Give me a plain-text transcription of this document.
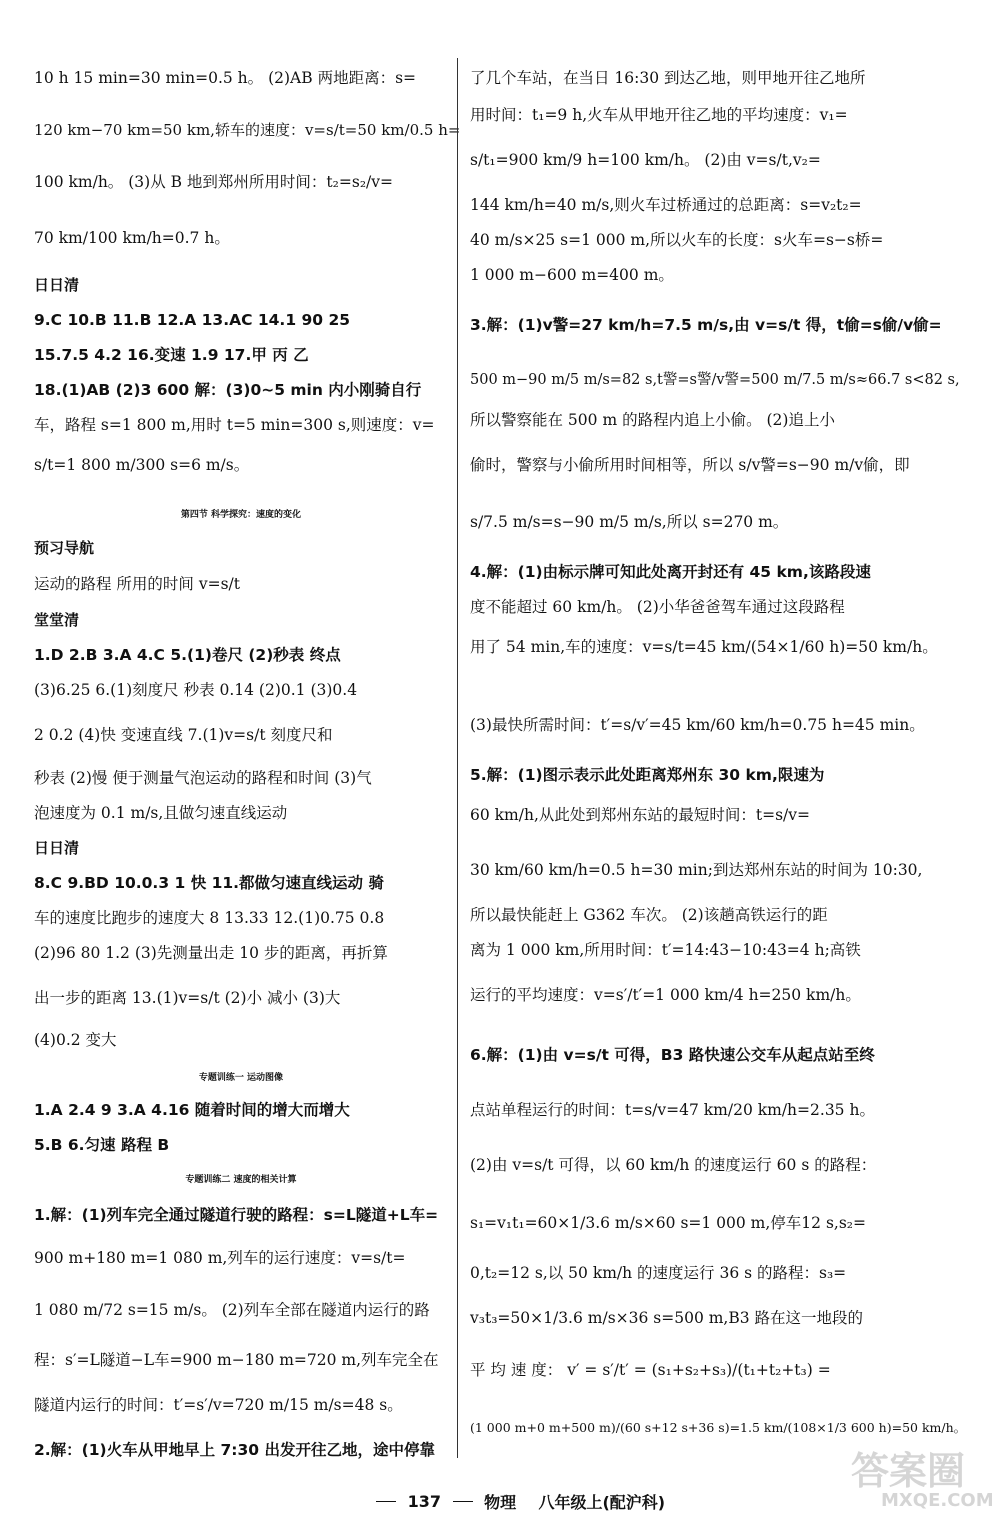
10 h 15 min=30 min=0.5 h。 (2)AB 两地距离：s=
120 km−70 km=50 km,轿车的速度：v=s/t=50 km/0.5 h=
100 km/h。 (3)从 B 地到郑州所用时间：t₂=s₂/v=
70 km/100 km/h=0.7 h。
日日清
9.C 10.B 11.B 12.A 13.AC 14.1 90 25
15.7.5 4.2 16.变速 1.9 17.甲 丙 乙
18.(1)AB (2)3 600 解：(3)0~5 min 内小刚骑自行
车，路程 s=1 800 m,用时 t=5 min=300 s,则速度：v=
s/t=1 800 m/300 s=6 m/s。
第四节 科学探究：速度的变化
预习导航
运动的路程 所用的时间 v=s/t
堂堂清
1.D 2.B 3.A 4.C 5.(1)卷尺 (2)秒表 终点
(3)6.25 6.(1)刻度尺 秒表 0.14 (2)0.1 (3)0.4
2 0.2 (4)快 变速直线 7.(1)v=s/t 刻度尺和
秒表 (2)慢 便于测量气泡运动的路程和时间 (3)气
泡速度为 0.1 m/s,且做匀速直线运动
日日清
8.C 9.BD 10.0.3 1 快 11.都做匀速直线运动 骑
车的速度比跑步的速度大 8 13.33 12.(1)0.75 0.8
(2)96 80 1.2 (3)先测量出走 10 步的距离，再折算
出一步的距离 13.(1)v=s/t (2)小 减小 (3)大
(4)0.2 变大
专题训练一 运动图像
1.A 2.4 9 3.A 4.16 随着时间的增大而增大
5.B 6.匀速 路程 B
专题训练二 速度的相关计算
1.解：(1)列车完全通过隧道行驶的路程：s=L隧道+L车=
900 m+180 m=1 080 m,列车的运行速度：v=s/t=
1 080 m/72 s=15 m/s。 (2)列车全部在隧道内运行的路
程：s′=L隧道−L车=900 m−180 m=720 m,列车完全在
隧道内运行的时间：t′=s′/v=720 m/15 m/s=48 s。
2.解：(1)火车从甲地早上 7:30 出发开往乙地，途中停靠
了几个车站，在当日 16:30 到达乙地，则甲地开往乙地所
用时间：t₁=9 h,火车从甲地开往乙地的平均速度：v₁=
s/t₁=900 km/9 h=100 km/h。 (2)由 v=s/t,v₂=
144 km/h=40 m/s,则火车过桥通过的总距离：s=v₂t₂=
40 m/s×25 s=1 000 m,所以火车的长度：s火车=s−s桥=
1 000 m−600 m=400 m。
3.解：(1)v警=27 km/h=7.5 m/s,由 v=s/t 得，t偷=s偷/v偷=
500 m−90 m/5 m/s=82 s,t警=s警/v警=500 m/7.5 m/s≈66.7 s<82 s,
所以警察能在 500 m 的路程内追上小偷。 (2)追上小
偷时，警察与小偷所用时间相等，所以 s/v警=s−90 m/v偷，即
s/7.5 m/s=s−90 m/5 m/s,所以 s=270 m。
4.解：(1)由标示牌可知此处离开封还有 45 km,该路段速
度不能超过 60 km/h。 (2)小华爸爸驾车通过这段路程
用了 54 min,车的速度：v=s/t=45 km/(54×1/60 h)=50 km/h。
(3)最快所需时间：t′=s/v′=45 km/60 km/h=0.75 h=45 min。
5.解：(1)图示表示此处距离郑州东 30 km,限速为
60 km/h,从此处到郑州东站的最短时间：t=s/v=
30 km/60 km/h=0.5 h=30 min;到达郑州东站的时间为 10:30,
所以最快能赶上 G362 车次。 (2)该趟高铁运行的距
离为 1 000 km,所用时间：t′=14:43−10:43=4 h;高铁
运行的平均速度：v=s′/t′=1 000 km/4 h=250 km/h。
6.解：(1)由 v=s/t 可得，B3 路快速公交车从起点站至终
点站单程运行的时间：t=s/v=47 km/20 km/h=2.35 h。
(2)由 v=s/t 可得，以 60 km/h 的速度运行 60 s 的路程：
s₁=v₁t₁=60×1/3.6 m/s×60 s=1 000 m,停车12 s,s₂=
0,t₂=12 s,以 50 km/h 的速度运行 36 s 的路程：s₃=
v₃t₃=50×1/3.6 m/s×36 s=500 m,B3 路在这一地段的
平 均 速 度： v′ = s′/t′ = (s₁+s₂+s₃)/(t₁+t₂+t₃) =
(1 000 m+0 m+500 m)/(60 s+12 s+36 s)=1.5 km/(108×1/3 600 h)=50 km/h。
137	物理 八年级上(配沪科)
答案圈
MXQE.COM
